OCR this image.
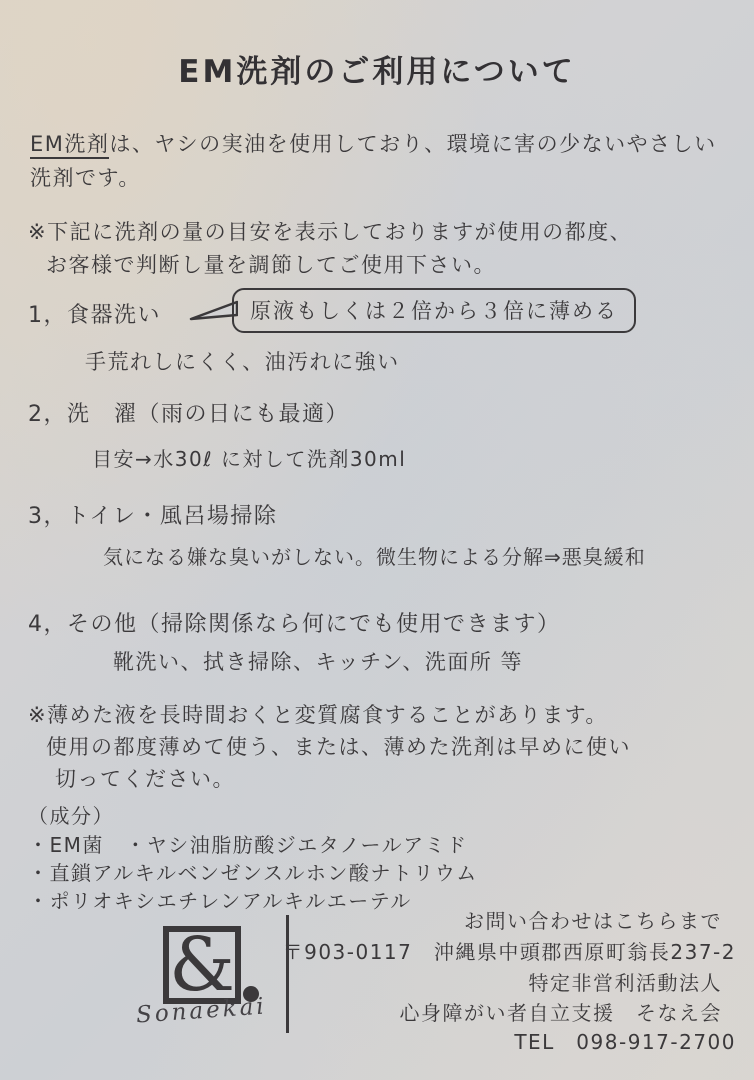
EM洗剤のご利用について
EM洗剤は、ヤシの実油を使用しており、環境に害の少ないやさしい
洗剤です。
※下記に洗剤の量の目安を表示しておりますが使用の都度、
お客様で判断し量を調節してご使用下さい。
1，食器洗い	原液もしくは２倍から３倍に薄める
手荒れしにくく、油汚れに強い
2，洗　濯（雨の日にも最適）
目安→水30ℓ に対して洗剤30ml
3，トイレ・風呂場掃除
気になる嫌な臭いがしない。微生物による分解⇒悪臭緩和
4，その他（掃除関係なら何にでも使用できます）
靴洗い、拭き掃除、キッチン、洗面所 等
※薄めた液を長時間おくと変質腐食することがあります。
使用の都度薄めて使う、または、薄めた洗剤は早めに使い
切ってください。
（成分）
・EM菌　・ヤシ油脂肪酸ジエタノールアミド
・直鎖アルキルベンゼンスルホン酸ナトリウム
・ポリオキシエチレンアルキルエーテル
&
Sonaekai
お問い合わせはこちらまで
〒903-0117　沖縄県中頭郡西原町翁長237-2
特定非営利活動法人
心身障がい者自立支援　そなえ会
TEL　098-917-2700
